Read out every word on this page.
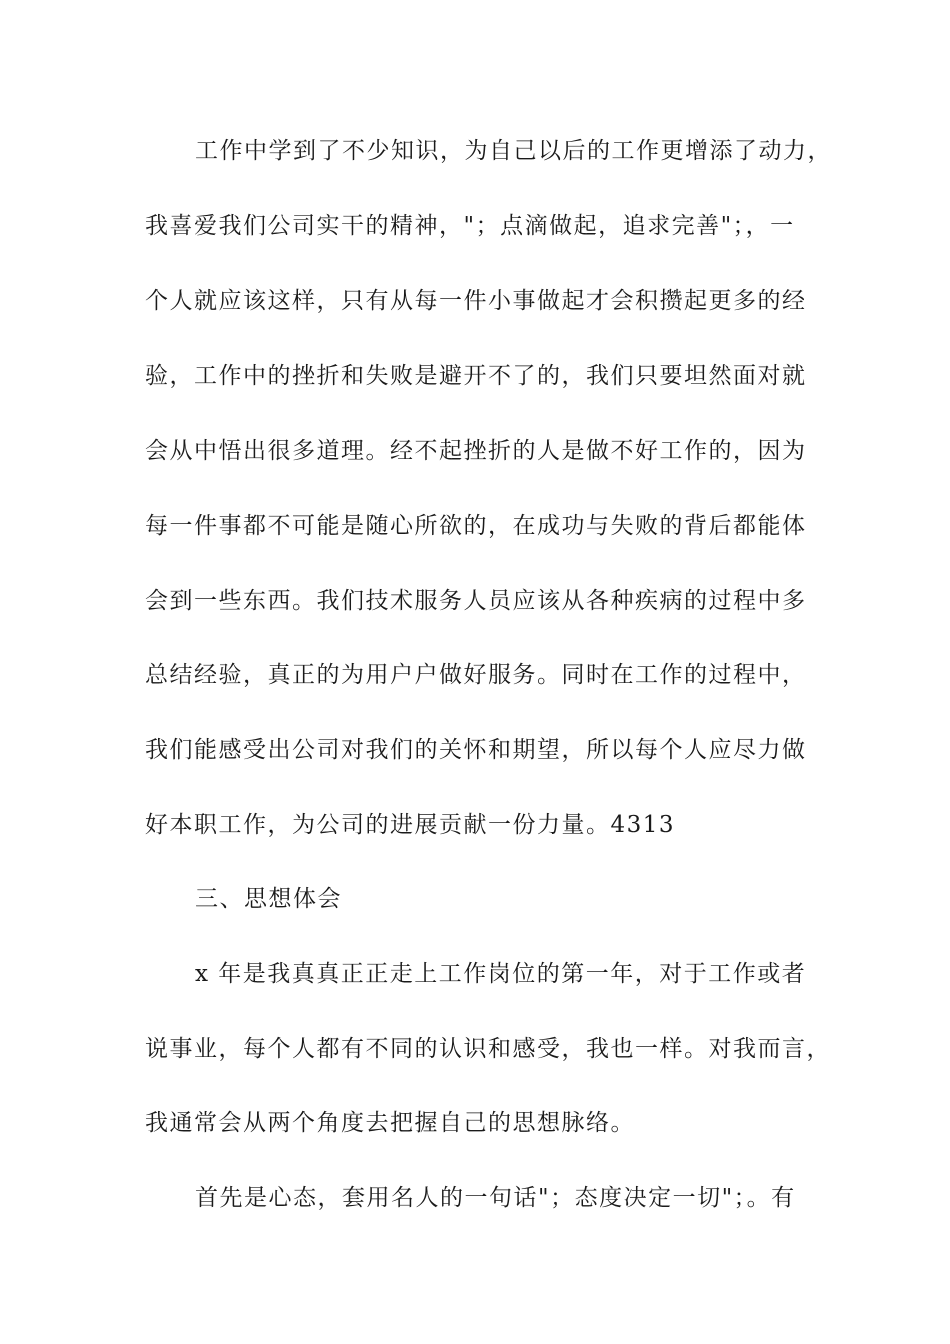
工作中学到了不少知识，为自己以后的工作更增添了动力，
我喜爱我们公司实干的精神，"；点滴做起，追求完善"；，一
个人就应该这样，只有从每一件小事做起才会积攒起更多的经
验，工作中的挫折和失败是避开不了的，我们只要坦然面对就
会从中悟出很多道理。经不起挫折的人是做不好工作的，因为
每一件事都不可能是随心所欲的，在成功与失败的背后都能体
会到一些东西。我们技术服务人员应该从各种疾病的过程中多
总结经验，真正的为用户户做好服务。同时在工作的过程中，
我们能感受出公司对我们的关怀和期望，所以每个人应尽力做
好本职工作，为公司的进展贡献一份力量。4313
三、思想体会
x 年是我真真正正走上工作岗位的第一年，对于工作或者
说事业，每个人都有不同的认识和感受，我也一样。对我而言，
我通常会从两个角度去把握自己的思想脉络。
首先是心态，套用名人的一句话"；态度决定一切"；。有
